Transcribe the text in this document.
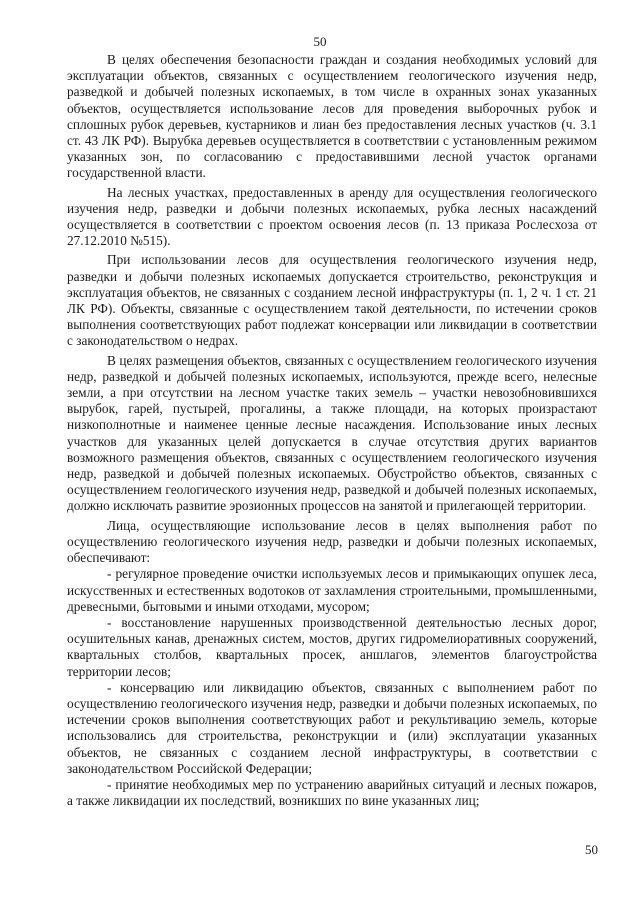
50

В целях обеспечения безопасности граждан и создания необходимых условий для эксплуатации объектов, связанных с осуществлением геологического изучения недр, разведкой и добычей полезных ископаемых, в том числе в охранных зонах указанных объектов, осуществляется использование лесов для проведения выборочных рубок и сплошных рубок деревьев, кустарников и лиан без предоставления лесных участков (ч. 3.1 ст. 43 ЛК РФ). Вырубка деревьев осуществляется в соответствии с установленным режимом указанных зон, по согласованию с предоставившими лесной участок органами государственной власти.

На лесных участках, предоставленных в аренду для осуществления геологического изучения недр, разведки и добычи полезных ископаемых, рубка лесных насаждений осуществляется в соответствии с проектом освоения лесов (п. 13 приказа Рослесхоза от 27.12.2010 №515).

При использовании лесов для осуществления геологического изучения недр, разведки и добычи полезных ископаемых допускается строительство, реконструкция и эксплуатация объектов, не связанных с созданием лесной инфраструктуры (п. 1, 2 ч. 1 ст. 21 ЛК РФ). Объекты, связанные с осуществлением такой деятельности, по истечении сроков выполнения соответствующих работ подлежат консервации или ликвидации в соответствии с законодательством о недрах.

В целях размещения объектов, связанных с осуществлением геологического изучения недр, разведкой и добычей полезных ископаемых, используются, прежде всего, нелесные земли, а при отсутствии на лесном участке таких земель – участки невозобновившихся вырубок, гарей, пустырей, прогалины, а также площади, на которых произрастают низкополнотные и наименее ценные лесные насаждения. Использование иных лесных участков для указанных целей допускается в случае отсутствия других вариантов возможного размещения объектов, связанных с осуществлением геологического изучения недр, разведкой и добычей полезных ископаемых. Обустройство объектов, связанных с осуществлением геологического изучения недр, разведкой и добычей полезных ископаемых, должно исключать развитие эрозионных процессов на занятой и прилегающей территории.

Лица, осуществляющие использование лесов в целях выполнения работ по осуществлению геологического изучения недр, разведки и добычи полезных ископаемых, обеспечивают:

- регулярное проведение очистки используемых лесов и примыкающих опушек леса, искусственных и естественных водотоков от захламления строительными, промышленными, древесными, бытовыми и иными отходами, мусором;

- восстановление нарушенных производственной деятельностью лесных дорог, осушительных канав, дренажных систем, мостов, других гидромелиоративных сооружений, квартальных столбов, квартальных просек, аншлагов, элементов благоустройства территории лесов;

- консервацию или ликвидацию объектов, связанных с выполнением работ по осуществлению геологического изучения недр, разведки и добычи полезных ископаемых, по истечении сроков выполнения соответствующих работ и рекультивацию земель, которые использовались для строительства, реконструкции и (или) эксплуатации указанных объектов, не связанных с созданием лесной инфраструктуры, в соответствии с законодательством Российской Федерации;

- принятие необходимых мер по устранению аварийных ситуаций и лесных пожаров, а также ликвидации их последствий, возникших по вине указанных лиц;

50
